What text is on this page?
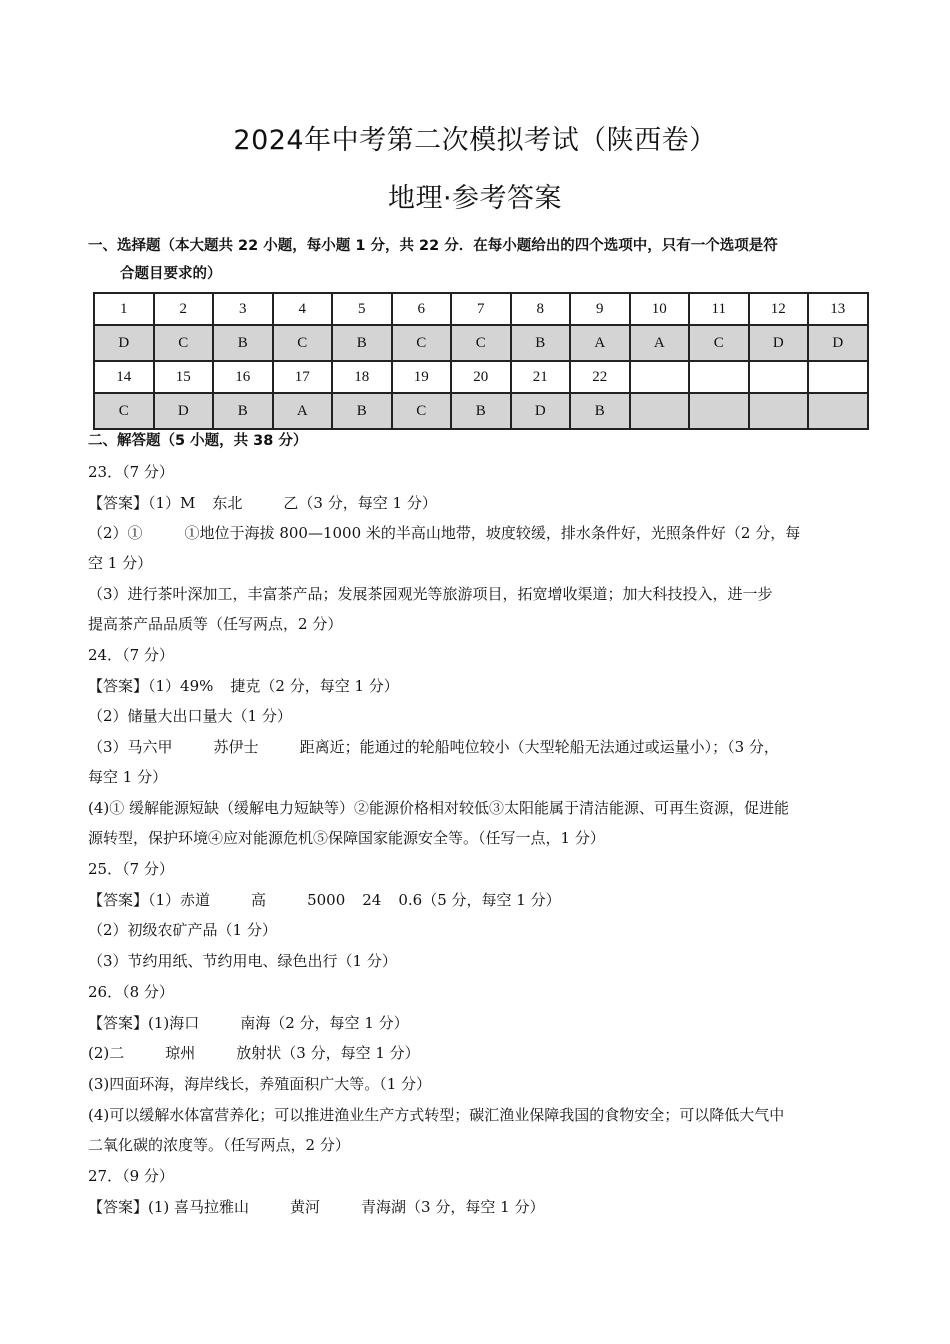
2024年中考第二次模拟考试（陕西卷）
地理·参考答案
一、选择题（本大题共 22 小题，每小题 1 分，共 22 分．在每小题给出的四个选项中，只有一个选项是符
合题目要求的）
1	2	3	4	5	6	7	8	9	10	11	12	13
D	C	B	C	B	C	C	B	A	A	C	D	D
14	15	16	17	18	19	20	21	22				
C	D	B	A	B	C	B	D	B				
二、解答题（5 小题，共 38 分）
23．（7 分）
【答案】（1）M 东北	乙（3 分，每空 1 分）
（2）①	①地位于海拔 800—1000 米的半高山地带，坡度较缓，排水条件好，光照条件好（2 分，每
空 1 分）
（3）进行茶叶深加工，丰富茶产品；发展茶园观光等旅游项目，拓宽增收渠道；加大科技投入，进一步
提高茶产品品质等（任写两点，2 分）
24．（7 分）
【答案】（1）49% 捷克（2 分，每空 1 分）
（2）储量大出口量大（1 分）
（3）马六甲	苏伊士	距离近；能通过的轮船吨位较小（大型轮船无法通过或运量小）；（3 分，
每空 1 分）
(4)① 缓解能源短缺（缓解电力短缺等）②能源价格相对较低③太阳能属于清洁能源、可再生资源，促进能
源转型，保护环境④应对能源危机⑤保障国家能源安全等。（任写一点，1 分）
25．（7 分）
【答案】（1）赤道	高	5000 24 0.6（5 分，每空 1 分）
（2）初级农矿产品（1 分）
（3）节约用纸、节约用电、绿色出行（1 分）
26．（8 分）
【答案】(1)海口	南海（2 分，每空 1 分）
(2)二	琼州	放射状（3 分，每空 1 分）
(3)四面环海，海岸线长，养殖面积广大等。（1 分）
(4)可以缓解水体富营养化；可以推进渔业生产方式转型；碳汇渔业保障我国的食物安全；可以降低大气中
二氧化碳的浓度等。（任写两点，2 分）
27．（9 分）
【答案】(1) 喜马拉雅山	黄河	青海湖（3 分，每空 1 分）
